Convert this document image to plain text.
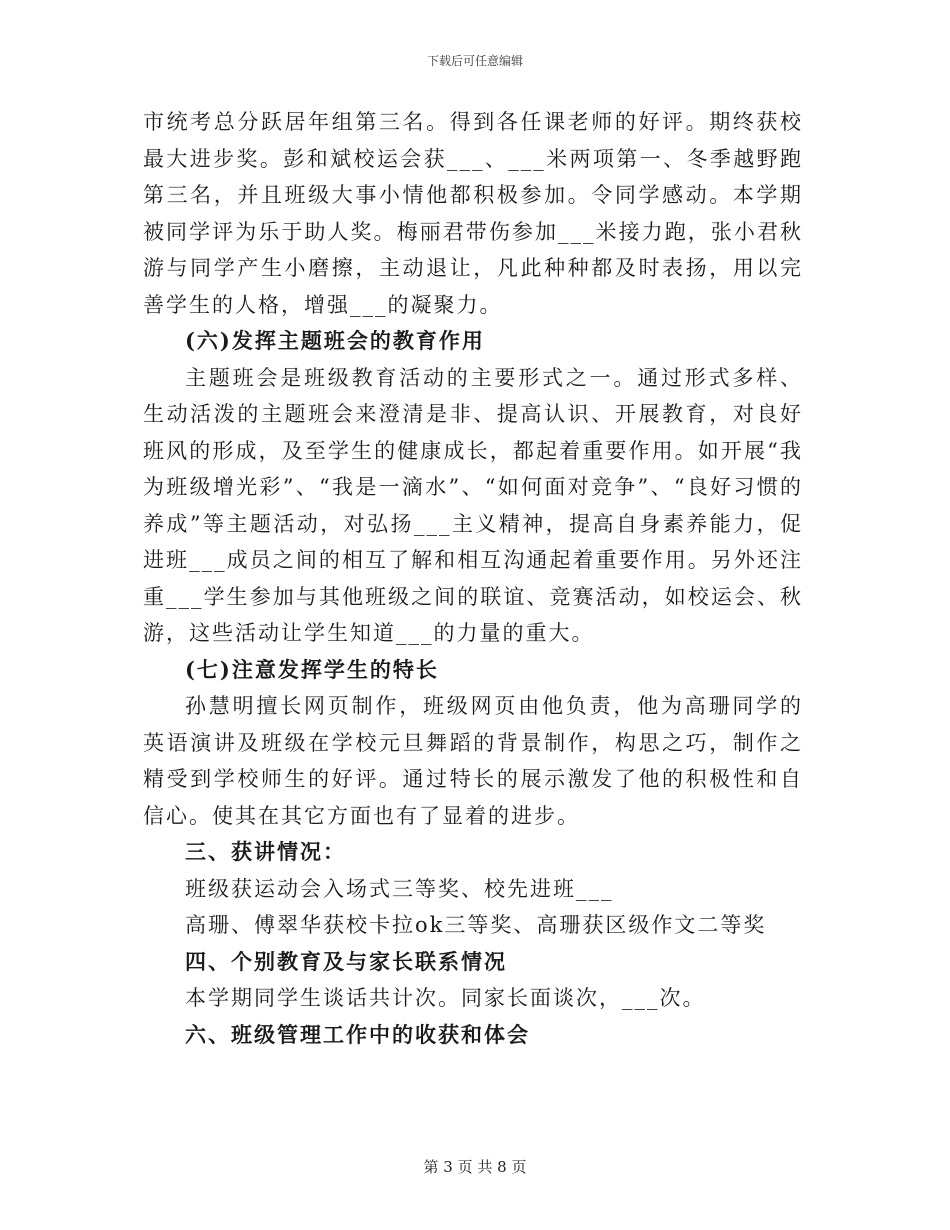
下载后可任意编辑

市统考总分跃居年组第三名。得到各任课老师的好评。期终获校最大进步奖。彭和斌校运会获___、___米两项第一、冬季越野跑第三名，并且班级大事小情他都积极参加。令同学感动。本学期被同学评为乐于助人奖。梅丽君带伤参加___米接力跑，张小君秋游与同学产生小磨擦，主动退让，凡此种种都及时表扬，用以完善学生的人格，增强___的凝聚力。

(六)发挥主题班会的教育作用

主题班会是班级教育活动的主要形式之一。通过形式多样、生动活泼的主题班会来澄清是非、提高认识、开展教育，对良好班风的形成，及至学生的健康成长，都起着重要作用。如开展“我为班级增光彩”、“我是一滴水”、“如何面对竞争”、“良好习惯的养成”等主题活动，对弘扬___主义精神，提高自身素养能力，促进班___成员之间的相互了解和相互沟通起着重要作用。另外还注重___学生参加与其他班级之间的联谊、竞赛活动，如校运会、秋游，这些活动让学生知道___的力量的重大。

(七)注意发挥学生的特长

孙慧明擅长网页制作，班级网页由他负责，他为高珊同学的英语演讲及班级在学校元旦舞蹈的背景制作，构思之巧，制作之精受到学校师生的好评。通过特长的展示激发了他的积极性和自信心。使其在其它方面也有了显着的进步。

三、获讲情况：

班级获运动会入场式三等奖、校先进班___

高珊、傅翠华获校卡拉ok三等奖、高珊获区级作文二等奖

四、个别教育及与家长联系情况

本学期同学生谈话共计次。同家长面谈次，___次。

六、班级管理工作中的收获和体会
第 3 页 共 8 页
